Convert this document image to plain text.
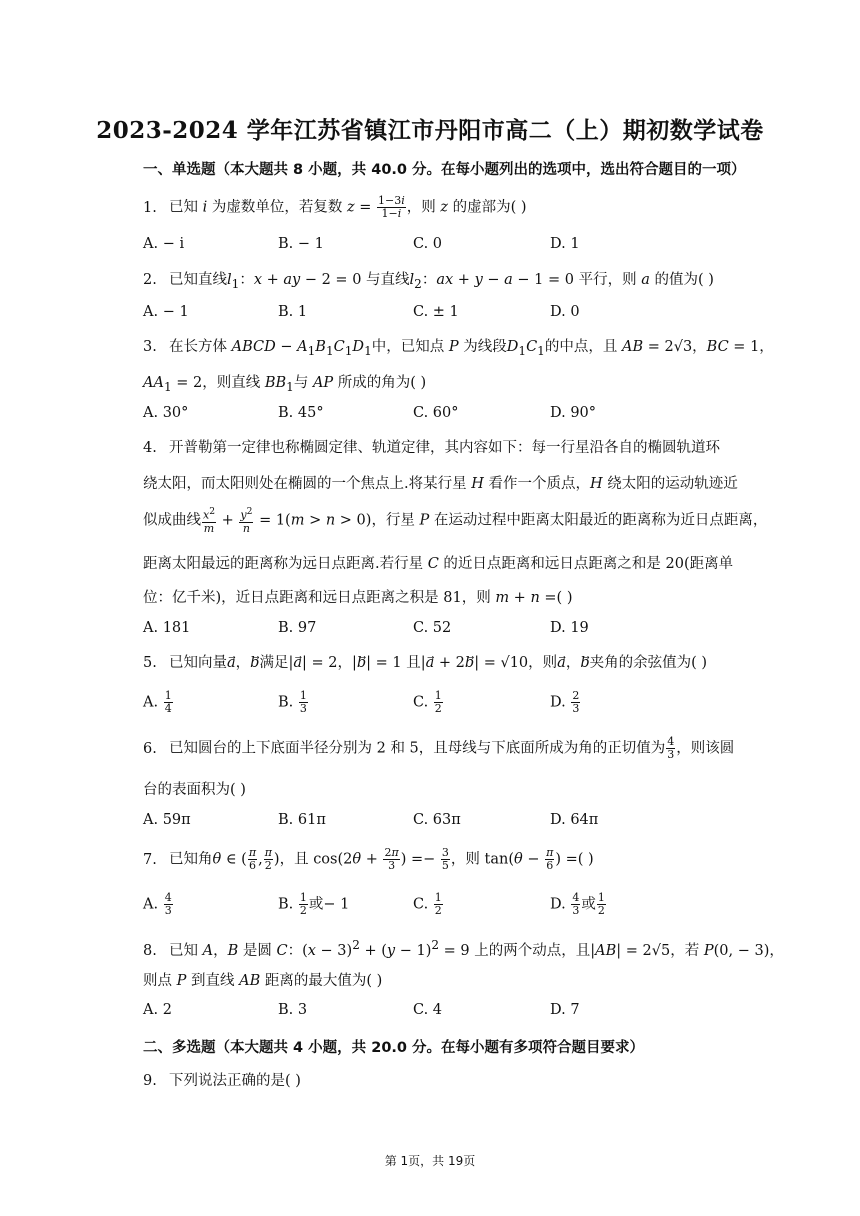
2023-2024 学年江苏省镇江市丹阳市高二（上）期初数学试卷
一、单选题（本大题共 8 小题，共 40.0 分。在每小题列出的选项中，选出符合题目的一项）
1. 已知 i 为虚数单位，若复数 $z = \frac{1-3i}{1-i}$ ，则 z 的虚部为( )
A. − i	B. − 1	C. 0	D. 1
2. 已知直线$l_1$：x + ay − 2 = 0 与直线$l_2$：ax + y − a − 1 = 0 平行，则 a 的值为( )
A. − 1	B. 1	C. ± 1	D. 0
3. 在长方体 ABCD − $A_1B_1C_1D_1$中，已知点 P 为线段$D_1C_1$的中点，且 AB = 2√3，BC = 1，
$AA_1 = 2$，则直线 $BB_1$与 AP 所成的角为( )
A. 30°	B. 45°	C. 60°	D. 90°
4. 开普勒第一定律也称椭圆定律、轨道定律，其内容如下：每一行星沿各自的椭圆轨道环
绕太阳，而太阳则处在椭圆的一个焦点上.将某行星 H 看作一个质点，H 绕太阳的运动轨迹近
似成曲线 $\frac{x^2}{m} + \frac{y^2}{n} = 1(m > n > 0)$，行星 P 在运动过程中距离太阳最近的距离称为近日点距离，
距离太阳最远的距离称为远日点距离.若行星 C 的近日点距离和远日点距离之和是 20(距离单
位：亿千米)，近日点距离和远日点距离之积是 81，则 m + n =( )
A. 181	B. 97	C. 52	D. 19
5. 已知向量a⃗，b⃗满足|a⃗| = 2，|b⃗| = 1 且|a⃗ + 2b⃗| = √10，则a⃗，b⃗夹角的余弦值为( )
A. $\frac{1}{4}$	B. $\frac{1}{3}$	C. $\frac{1}{2}$	D. $\frac{2}{3}$
6. 已知圆台的上下底面半径分别为 2 和 5，且母线与下底面所成为角的正切值为 $\frac{4}{3}$ ，则该圆
台的表面积为( )
A. 59π	B. 61π	C. 63π	D. 64π
7. 已知角θ ∈ ( $\frac{\pi}{6}$ , $\frac{\pi}{2}$ )，且 $\cos(2\theta + \frac{2\pi}{3}$ ) =− $\frac{3}{5}$ ，则 $\tan(\theta - \frac{\pi}{6}$ ) =( )
A. $\frac{4}{3}$	B. $\frac{1}{2}$ 或− 1	C. $\frac{1}{2}$	D. $\frac{4}{3}$ 或 $\frac{1}{2}$
8. 已知 A，B 是圆 C：$(x - 3)^2 + (y - 1)^2 = 9$ 上的两个动点，且|AB| = 2√5，若 P(0, − 3)，
则点 P 到直线 AB 距离的最大值为( )
A. 2	B. 3	C. 4	D. 7
二、多选题（本大题共 4 小题，共 20.0 分。在每小题有多项符合题目要求）
9. 下列说法正确的是( )
第 1页，共 19页
